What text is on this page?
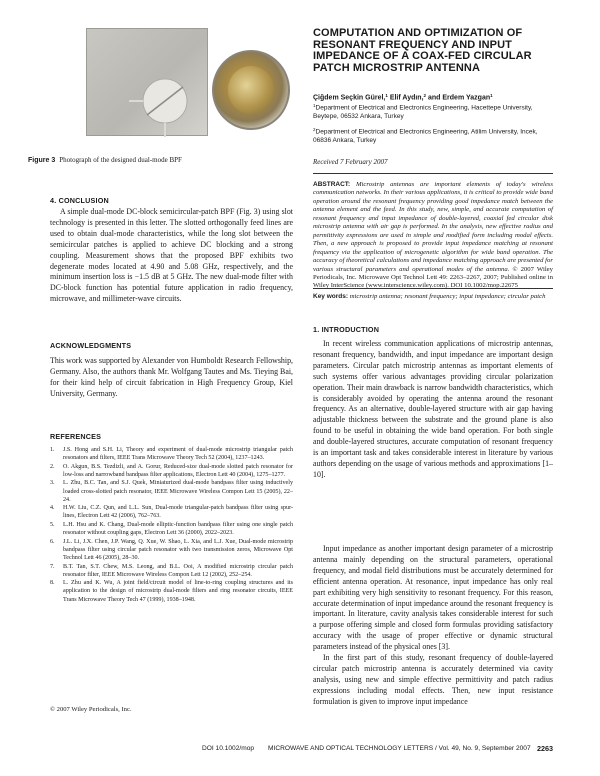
Figure 3 Photograph of the designed dual-mode BPF
4. CONCLUSION

A simple dual-mode DC-block semicircular-patch BPF (Fig. 3) using slot technology is presented in this letter. The slotted orthogonally feed lines are used to obtain dual-mode characteristics, while the long slot between the semicircular patches is applied to achieve DC blocking and a strong coupling. Measurement shows that the proposed BPF exhibits two degenerate modes located at 4.90 and 5.08 GHz, respectively, and the minimum insertion loss is −1.5 dB at 5 GHz. The new dual-mode filter with DC-block function has potential future application in radio frequency, microwave, and millimeter-wave circuits.

ACKNOWLEDGMENTS

This work was supported by Alexander von Humboldt Research Fellowship, Germany. Also, the authors thank Mr. Wolfgang Tautes and Ms. Tieying Bai, for their kind help of circuit fabrication in High Frequency Group, Kiel University, Germany.

REFERENCES
1. J.S. Hong and S.H. Li, Theory and experiment of dual-mode microstrip triangular patch resonators and filters, IEEE Trans Microwave Theory Tech 52 (2004), 1237–1243.
2. O. Akgun, B.S. Tezdizli, and A. Gorur, Reduced-size dual-mode slotted patch resonator for low-loss and narrowband bandpass filter applications, Electron Lett 40 (2004), 1275–1277.
3. L. Zhu, B.C. Tan, and S.J. Quek, Miniaturized dual-mode bandpass filter using inductively loaded cross-slotted patch resonator, IEEE Microwave Wireless Compon Lett 15 (2005), 22–24.
4. H.W. Liu, C.Z. Qun, and L.L. Sun, Dual-mode triangular-patch bandpass filter using spur-lines, Electron Lett 42 (2006), 762–763.
5. L.H. Hsu and K. Chang, Dual-mode elliptic-function bandpass filter using one single patch resonator without coupling gaps, Electron Lett 36 (2000), 2022–2023.
6. J.L. Li, J.X. Chen, J.P. Wang, Q. Xue, W. Shao, L. Xia, and L.J. Xue, Dual-mode microstrip bandpass filter using circular patch resonator with two transmission zeros, Microwave Opt Technol Lett 46 (2005), 28–30.
7. B.T. Tan, S.T. Chew, M.S. Leong, and B.L. Ooi, A modified microstrip circular patch resonator filter, IEEE Microwave Wireless Compon Lett 12 (2002), 252–254.
8. L. Zhu and K. Wu, A joint field/circuit model of line-to-ring coupling structures and its application to the design of microstrip dual-mode filters and ring resonator circuits, IEEE Trans Microwave Theory Tech 47 (1999), 1938–1948.
© 2007 Wiley Periodicals, Inc.
COMPUTATION AND OPTIMIZATION OF RESONANT FREQUENCY AND INPUT IMPEDANCE OF A COAX-FED CIRCULAR PATCH MICROSTRIP ANTENNA
Çiğdem Seçkin Gürel,$^1$ Elif Aydın,$^2$ and Erdem Yazgan$^1$
$^1$Department of Electrical and Electronics Engineering, Hacettepe University, Beytepe, 06532 Ankara, Turkey
$^2$Department of Electrical and Electronics Engineering, Atilim University, Incek, 06836 Ankara, Turkey
Received 7 February 2007

ABSTRACT: Microstrip antennas are important elements of today's wireless communication networks. In their various applications, it is critical to provide wide band operation around the resonant frequency providing good impedance match between the antenna element and the feed. In this study, new, simple, and accurate computation of resonant frequency and input impedance of double-layered, coaxial fed circular disk microstrip antenna with air gap is performed. In the analysis, new effective radius and permittivity expressions are used in simple and modified form including modal effects. Then, a new approach is proposed to provide input impedance matching at resonant frequency via the application of microgenetic algorithm for wide band operation. The accuracy of theoretical calculations and impedance matching approach are presented for various structural parameters and operational modes of the antenna. © 2007 Wiley Periodicals, Inc. Microwave Opt Technol Lett 49: 2263–2267, 2007; Published online in Wiley InterScience (www.interscience.wiley.com). DOI 10.1002/mop.22675

Key words: microstrip antenna; resonant frequency; input impedance; circular patch

1. INTRODUCTION

In recent wireless communication applications of microstrip antennas, resonant frequency, bandwidth, and input impedance are important design parameters. Circular patch microstrip antennas as important elements of such systems offer various advantages providing circular polarization operation. Their main drawback is narrow bandwidth characteristics, which is considerably avoided by operating the antenna around the resonant frequency. As an alternative, double-layered structure with air gap having adjustable thickness between the substrate and the ground plane is also found to be useful in obtaining the wide band operation. For both single and double-layered structures, accurate computation of resonant frequency is an important task and takes considerable interest in literature by various authors depending on the usage of various methods and approximations [1–10].

Input impedance as another important design parameter of a microstrip antenna mainly depending on the structural parameters, operational frequency, and modal field distributions must be accurately determined for efficient antenna operation. At resonance, input impedance has only real part exhibiting very high sensitivity to resonant frequency. For this reason, accurate determination of input impedance around the resonant frequency is important. In literature, cavity analysis takes considerable interest for such a purpose offering simple and closed form formulas providing satisfactory accuracy with the usage of proper effective or dynamic structural parameters instead of the physical ones [3].

In the first part of this study, resonant frequency of double-layered circular patch microstrip antenna is accurately determined via cavity analysis, using new and simple effective permittivity and patch radius expressions including modal effects. Then, new input resistance formulation is given to improve input impedance

DOI 10.1002/mop MICROWAVE AND OPTICAL TECHNOLOGY LETTERS / Vol. 49, No. 9, September 2007 2263
